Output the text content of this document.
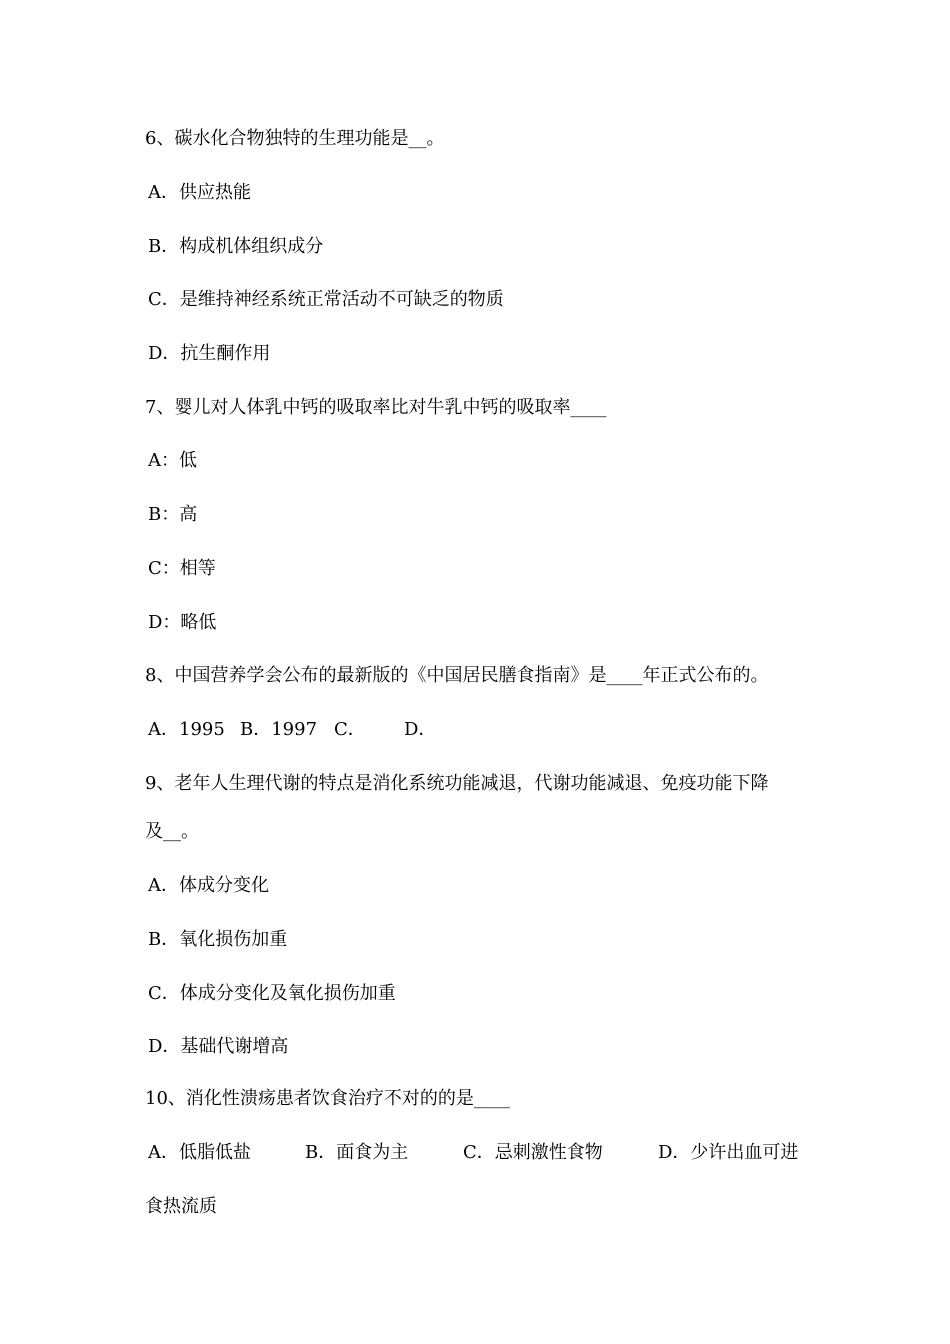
6、碳水化合物独特的生理功能是__。
A．供应热能
B．构成机体组织成分
C．是维持神经系统正常活动不可缺乏的物质
D．抗生酮作用
7、婴儿对人体乳中钙的吸取率比对牛乳中钙的吸取率____
A：低
B：高
C：相等
D：略低
8、中国营养学会公布的最新版的《中国居民膳食指南》是____年正式公布的。
A．1995 B．1997 C． D．
9、老年人生理代谢的特点是消化系统功能减退，代谢功能减退、免疫功能下降
及__。
A．体成分变化
B．氧化损伤加重
C．体成分变化及氧化损伤加重
D．基础代谢增高
10、消化性溃疡患者饮食治疗不对的的是____
A．低脂低盐	B．面食为主	C．忌刺激性食物	D．少许出血可进
食热流质
